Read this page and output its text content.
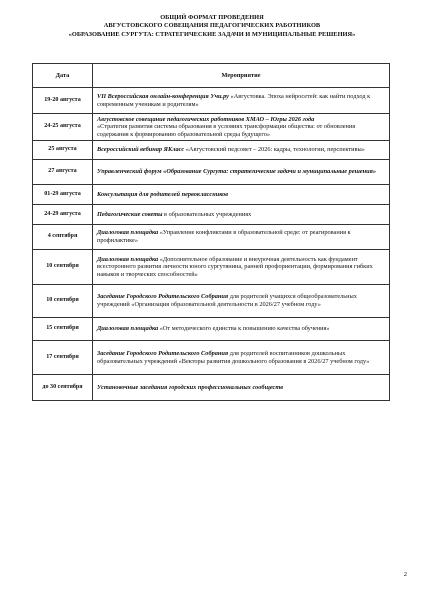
ОБЩИЙ ФОРМАТ ПРОВЕДЕНИЯ
АВГУСТОВСКОГО СОВЕЩАНИЯ ПЕДАГОГИЧЕСКИХ РАБОТНИКОВ
«ОБРАЗОВАНИЕ СУРГУТА: СТРАТЕГИЧЕСКИЕ ЗАДАЧИ И МУНИЦИПАЛЬНЫЕ РЕШЕНИЯ»
Дата	Мероприятие
19-20 августа	VII Всероссийская онлайн-конференция Учи.ру «Августовка. Эпоха нейросетей: как найти подход к современным ученикам и родителям»
24-25 августа	Августовское совещание педагогических работников ХМАО – Югры 2026 года
«Стратегия развития системы образования в условиях трансформации общества: от обновления содержания к формированию образовательной среды будущего»
25 августа	Всероссийский вебинар ЯКласс «Августовский педсовет – 2026: кадры, технологии, перспективы»
27 августа	Управленческий форум «Образование Сургута: стратегические задачи и муниципальные решения»
01-29 августа	Консультация для родителей первоклассников
24-29 августа	Педагогические советы в образовательных учреждениях
4 сентября	Диалоговая площадка «Управление конфликтами в образовательной среде: от реагирования к профилактике»
10 сентября	Диалоговая площадка «Дополнительное образование и внеурочная деятельность как фундамент всестороннего развития личности юного сургутянина, ранней профориентации, формирования гибких навыков и творческих способностей»
10 сентября	Заседание Городского Родительского Собрания для родителей учащихся общеобразовательных учреждений «Организация образовательной деятельности в 2026/27 учебном году»
15 сентября	Диалоговая площадка «От методического единства к повышению качества обучения»
17 сентября	Заседание Городского Родительского Собрания для родителей воспитанников дошкольных образовательных учреждений «Векторы развития дошкольного образования в 2026/27 учебном году»
до 30 сентября	Установочные заседания городских профессиональных сообществ
2
